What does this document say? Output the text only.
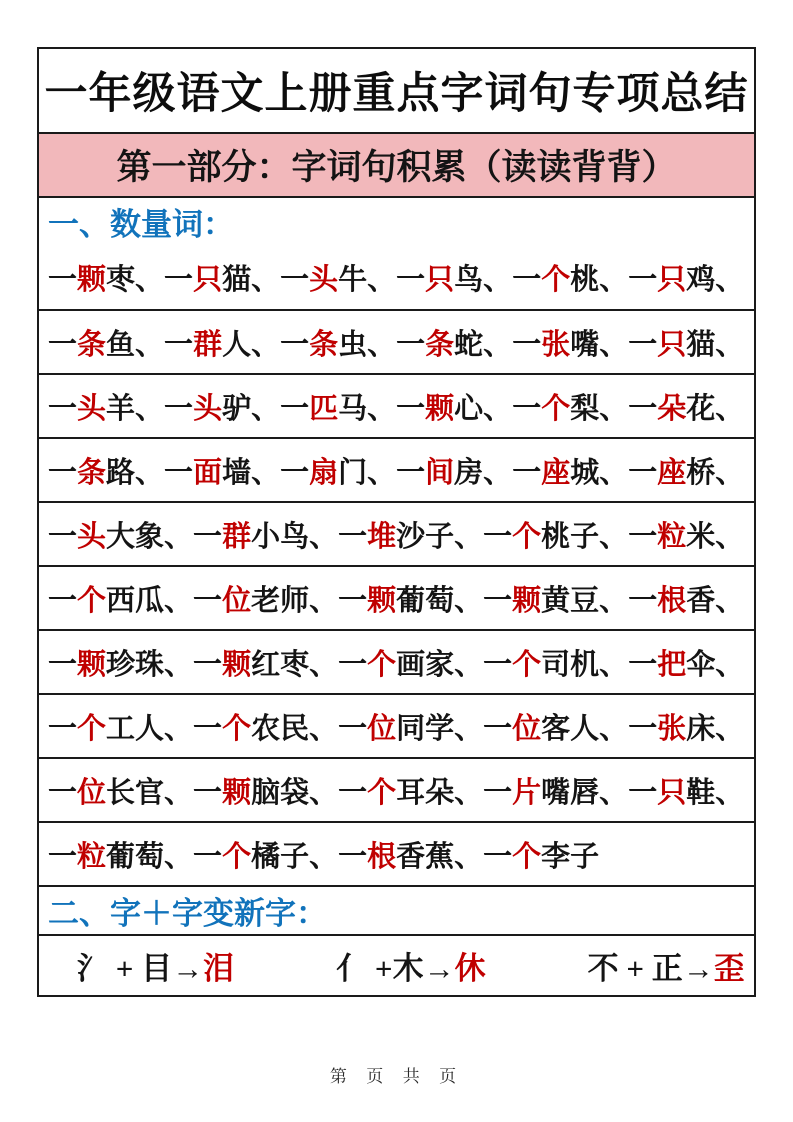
一年级语文上册重点字词句专项总结
第一部分：字词句积累（读读背背）
一、数量词：
一 颗 枣、 一 只 猫、 一 头 牛、 一 只 鸟、 一 个 桃、 一 只 鸡、
一 条 鱼、 一 群 人、 一 条 虫、 一 条 蛇、 一 张 嘴、 一 只 猫、
一 头 羊、 一 头 驴、 一 匹 马、 一 颗 心、 一 个 梨、 一 朵 花、
一 条 路、 一 面 墙、 一 扇 门、 一 间 房、 一 座 城、 一 座 桥、
一 头 大象、 一 群 小鸟、 一 堆 沙子、 一 个 桃子、 一 粒 米、
一 个 西瓜、 一 位 老师、 一 颗 葡萄、 一 颗 黄豆、 一 根 香、
一 颗 珍珠、 一 颗 红枣、 一 个 画家、 一 个 司机、 一 把 伞、
一 个 工人、 一 个 农民、 一 位 同学、 一 位 客人、 一 张 床、
一 位 长官、 一 颗 脑袋、 一 个 耳朵、 一 片 嘴唇、 一 只 鞋、
一 粒 葡萄、 一 个 橘子、 一 根 香蕉、 一 个 李子
二、字＋字变新字：
氵 + 目→泪	亻 +木→休	不 + 正→歪
第 页 共 页
